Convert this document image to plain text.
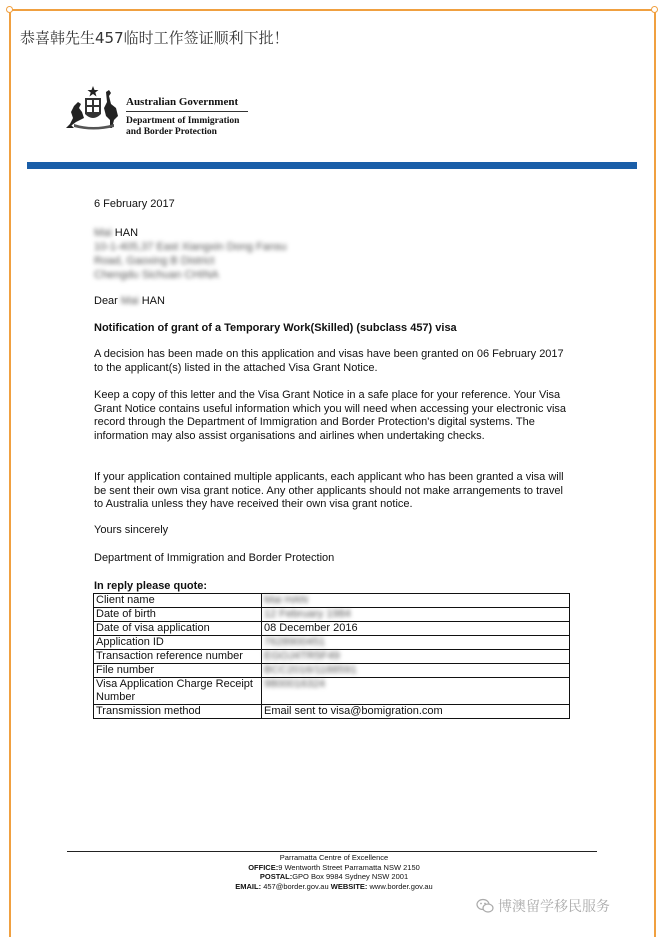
恭喜韩先生457临时工作签证顺利下批！
Australian Government
Department of Immigration
and Border Protection
6 February 2017
Mai HAN
10-1-405,37 East Xiangxin Dong Fansu
Road, Gaoxing B District
Chengdu Sichuan CHINA
Dear Mai HAN
Notification of grant of a Temporary Work(Skilled) (subclass 457) visa
A decision has been made on this application and visas have been granted on 06 February 2017 to the applicant(s) listed in the attached Visa Grant Notice.
Keep a copy of this letter and the Visa Grant Notice in a safe place for your reference. Your Visa Grant Notice contains useful information which you will need when accessing your electronic visa record through the Department of Immigration and Border Protection's digital systems. The information may also assist organisations and airlines when undertaking checks.
If your application contained multiple applicants, each applicant who has been granted a visa will be sent their own visa grant notice. Any other applicants should not make arrangements to travel to Australia unless they have received their own visa grant notice.
Yours sincerely
Department of Immigration and Border Protection
In reply please quote:
Client name	Mai HAN
Date of birth	12 February 1984
Date of visa application	08 December 2016
Application ID	7628900451
Transaction reference number	EGOJ4TR5F49
File number	BCC2016/1188591
Visa Application Charge Receipt Number	9800016324
Transmission method	Email sent to visa@bomigration.com
Parramatta Centre of Excellence
OFFICE:9 Wentworth Street Parramatta NSW 2150
POSTAL:GPO Box 9984 Sydney NSW 2001
EMAIL: 457@border.gov.au WEBSITE: www.border.gov.au
博澳留学移民服务
